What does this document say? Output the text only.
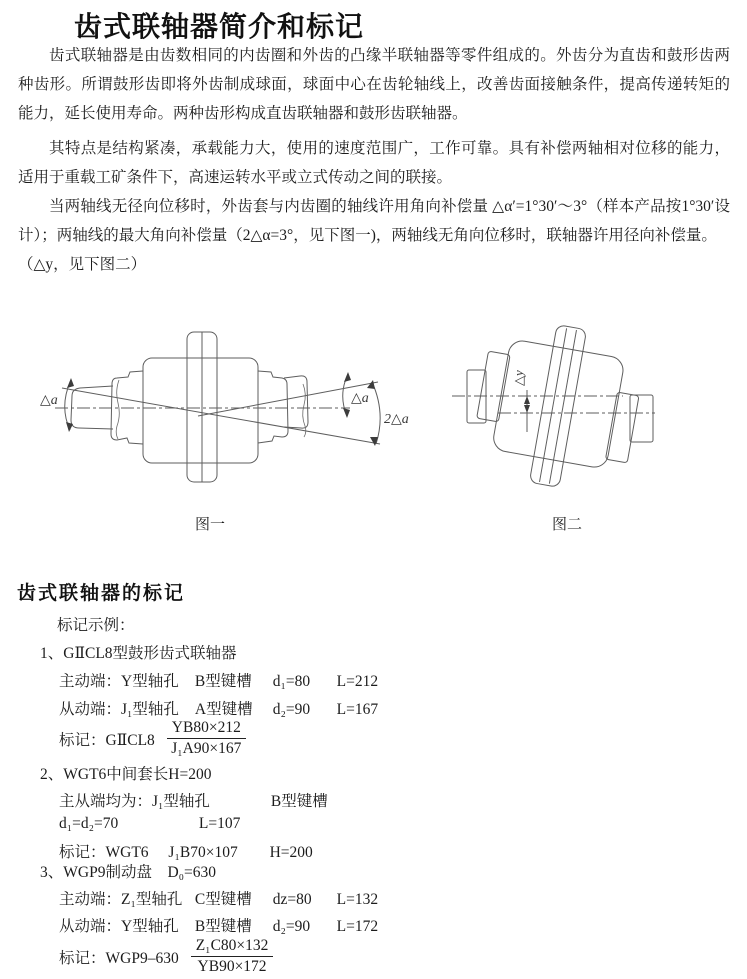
齿式联轴器简介和标记
齿式联轴器是由齿数相同的内齿圈和外齿的凸缘半联轴器等零件组成的。外齿分为直齿和鼓形齿两种齿形。所谓鼓形齿即将外齿制成球面，球面中心在齿轮轴线上，改善齿面接触条件，提高传递转矩的能力，延长使用寿命。两种齿形构成直齿联轴器和鼓形齿联轴器。
其特点是结构紧凑，承载能力大，使用的速度范围广，工作可靠。具有补偿两轴相对位移的能力，适用于重载工矿条件下，高速运转水平或立式传动之间的联接。
当两轴线无径向位移时，外齿套与内齿圈的轴线许用角向补偿量 △α′=1°30′～3°（样本产品按1°30′设计）；两轴线的最大角向补偿量（2△α=3°，见下图一)，两轴线无角向位移时，联轴器许用径向补偿量。
（△y，见下图二）
△a	△a
2△a
△y
图一	图二
齿式联轴器的标记
标记示例：
1、GⅡCL8型鼓形齿式联轴器
主动端：Y型轴孔 B型键槽 d₁=80 L=212
从动端：J₁型轴孔 A型键槽 d₂=90 L=167
标记：GⅡCL8 $\frac{YB80\times 212}{\text{J₁A90×167}}$
2、WGT6中间套长H=200
主从端均为：J₁型轴孔	B型键槽
d₁=d₂=70	L=107
标记：WGT6 J₁B70×107 H=200
3、WGP9制动盘　D₀=630
主动端：Z₁型轴孔 C型键槽 dz=80 L=132
从动端：Y型轴孔 B型键槽 d₂=90 L=172
标记：$WGP9-630 \frac{\text{Z₁C80×132}}{YB90\times 172}$
